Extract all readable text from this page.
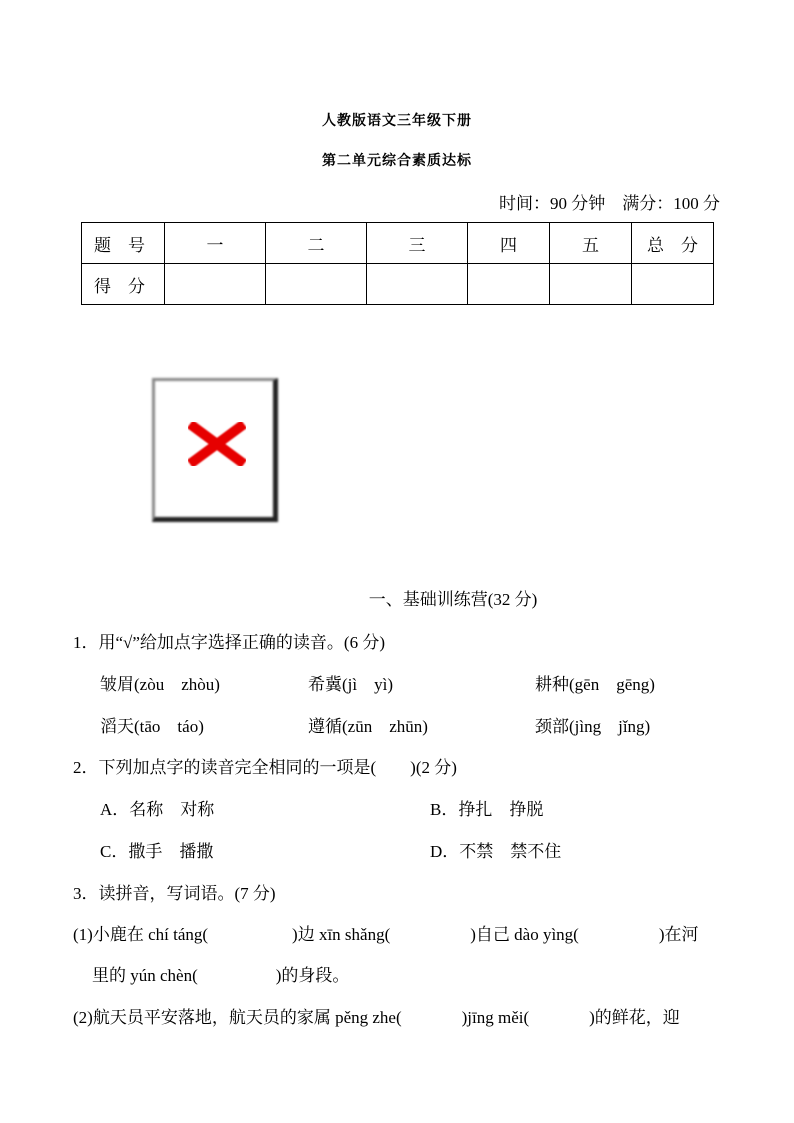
人教版语文三年级下册
第二单元综合素质达标
时间：90 分钟　满分：100 分
题　号	一	二	三	四	五	总　分
得　分						
一、基础训练营(32 分)
1．用“√”给加点字选择正确的读音。(6 分)
皱眉(zòu　zhòu)	希冀(jì　yì)	耕种(gēn　gēng)
滔天(tāo　táo)	遵循(zūn　zhūn)	颈部(jìng　jǐng)
2．下列加点字的读音完全相同的一项是(　　)(2 分)
A．名称　对称	B．挣扎　挣脱
C．撒手　播撒	D．不禁　禁不住
3．读拼音，写词语。(7 分)
(1)小鹿在 chí táng(	)边 xīn shǎng(	)自己 dào yìng(	)在河
里的 yún chèn(	)的身段。
(2)航天员平安落地，航天员的家属 pěng zhe(	)jīng měi(	)的鲜花，迎
